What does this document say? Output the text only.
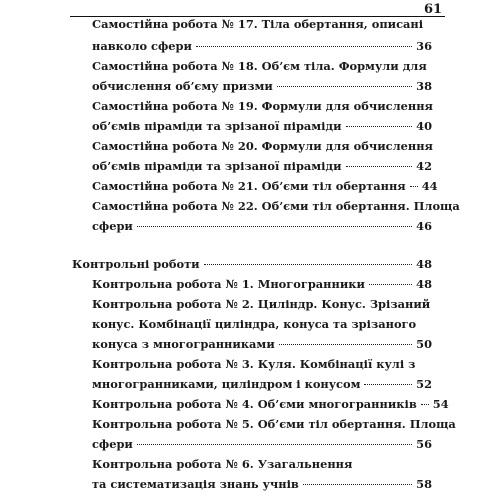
61
Самостійна робота № 17. Тіла обертання, описані
навколо сфери	36
Самостійна робота № 18. Об’єм тіла. Формули для
обчислення об’єму призми	38
Самостійна робота № 19. Формули для обчислення
об’ємів піраміди та зрізаної піраміди	40
Самостійна робота № 20. Формули для обчислення
об’ємів піраміди та зрізаної піраміди	42
Самостійна робота № 21. Об’єми тіл обертання 44
Самостійна робота № 22. Об’єми тіл обертання. Площа
сфери	46
Контрольні роботи	48
Контрольна робота № 1. Многогранники	48
Контрольна робота № 2. Циліндр. Конус. Зрізаний
конус. Комбінації циліндра, конуса та зрізаного
конуса з многогранниками	50
Контрольна робота № 3. Куля. Комбінації кулі з
многогранниками, циліндром і конусом	52
Контрольна робота № 4. Об’єми многогранників 54
Контрольна робота № 5. Об’єми тіл обертання. Площа
сфери	56
Контрольна робота № 6. Узагальнення
та систематизація знань учнів	58
